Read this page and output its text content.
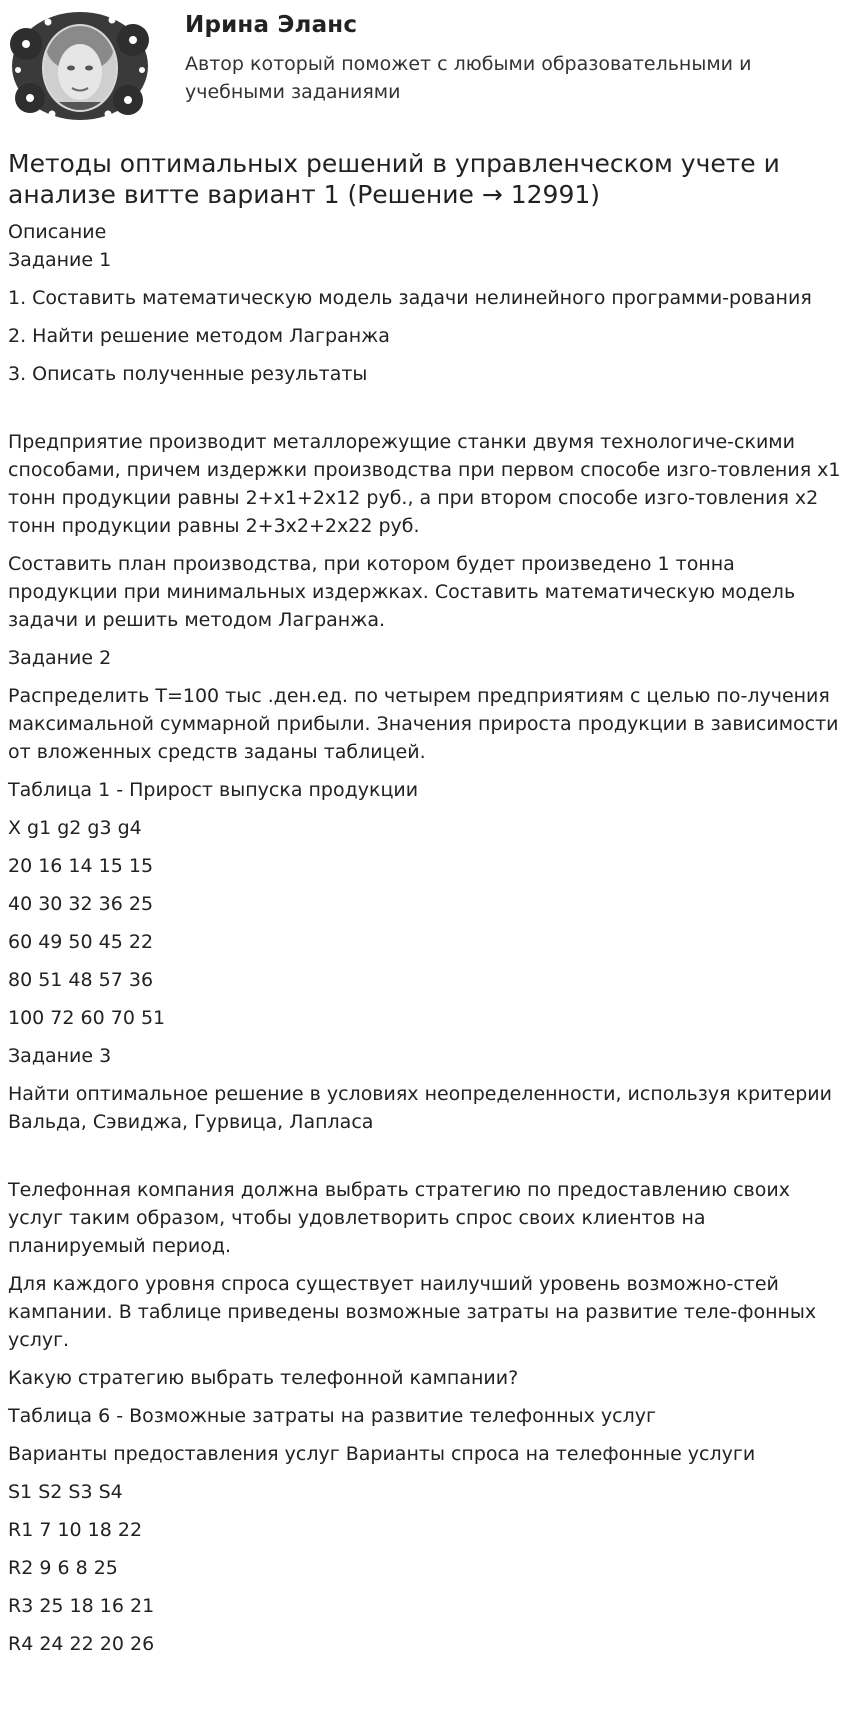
Ирина Эланс
Автор который поможет с любыми образовательными и учебными заданиями
Методы оптимальных решений в управленческом учете и анализе витте вариант 1 (Решение → 12991)

Описание

Задание 1

1. Составить математическую модель задачи нелинейного программи-рования

2. Найти решение методом Лагранжа

3. Описать полученные результаты

Предприятие производит металлорежущие станки двумя технологиче-скими способами, причем издержки производства при первом способе изго-товления х1 тонн продукции равны 2+х1+2х12 руб., а при втором способе изго-товления х2 тонн продукции равны 2+3х2+2х22 руб.

Составить план производства, при котором будет произведено 1 тонна продукции при минимальных издержках. Составить математическую модель задачи и решить методом Лагранжа.

Задание 2

Распределить Т=100 тыс .ден.ед. по четырем предприятиям с целью по-лучения максимальной суммарной прибыли. Значения прироста продукции в зависимости от вложенных средств заданы таблицей.

Таблица 1 - Прирост выпуска продукции

X g1 g2 g3 g4

20 16 14 15 15

40 30 32 36 25

60 49 50 45 22

80 51 48 57 36

100 72 60 70 51

Задание 3

Найти оптимальное решение в условиях неопределенности, используя критерии Вальда, Сэвиджа, Гурвица, Лапласа

Телефонная компания должна выбрать стратегию по предоставлению своих услуг таким образом, чтобы удовлетворить спрос своих клиентов на планируемый период.

Для каждого уровня спроса существует наилучший уровень возможно-стей кампании. В таблице приведены возможные затраты на развитие теле-фонных услуг.

Какую стратегию выбрать телефонной кампании?

Таблица 6 - Возможные затраты на развитие телефонных услуг

Варианты предоставления услуг Варианты спроса на телефонные услуги

S1 S2 S3 S4

R1 7 10 18 22

R2 9 6 8 25

R3 25 18 16 21

R4 24 22 20 26
